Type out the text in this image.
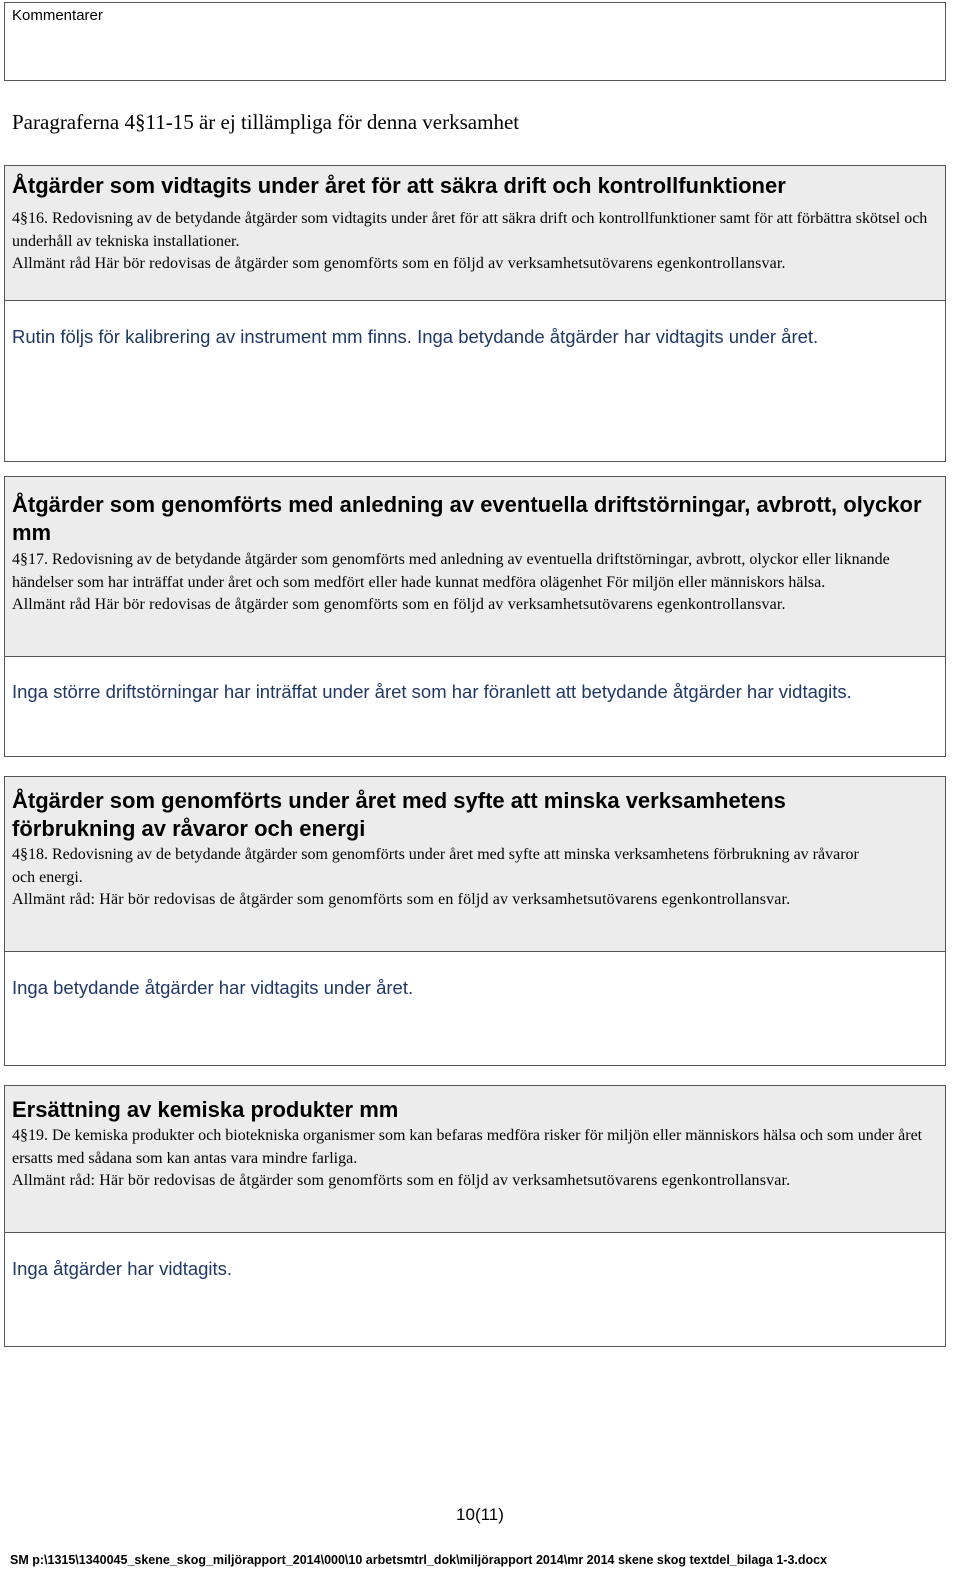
Kommentarer
Paragraferna 4§11-15 är ej tillämpliga för denna verksamhet
Åtgärder som vidtagits under året för att säkra drift och kontrollfunktioner
4§16. Redovisning av de betydande åtgärder som vidtagits under året för att säkra drift och kontrollfunktioner samt för att förbättra skötsel och underhåll av tekniska installationer.
Allmänt råd Här bör redovisas de åtgärder som genomförts som en följd av verksamhetsutövarens egenkontrollansvar.
Rutin följs för kalibrering av instrument mm finns. Inga betydande åtgärder har vidtagits under året.
Åtgärder som genomförts med anledning av eventuella driftstörningar, avbrott, olyckor mm
4§17. Redovisning av de betydande åtgärder som genomförts med anledning av eventuella driftstörningar, avbrott, olyckor eller liknande händelser som har inträffat under året och som medfört eller hade kunnat medföra olägenhet För miljön eller människors hälsa.
Allmänt råd Här bör redovisas de åtgärder som genomförts som en följd av verksamhetsutövarens egenkontrollansvar.
Inga större driftstörningar har inträffat under året som har föranlett att betydande åtgärder har vidtagits.
Åtgärder som genomförts under året med syfte att minska verksamhetens förbrukning av råvaror och energi
4§18. Redovisning av de betydande åtgärder som genomförts under året med syfte att minska verksamhetens förbrukning av råvaror och energi.
Allmänt råd: Här bör redovisas de åtgärder som genomförts som en följd av verksamhetsutövarens egenkontrollansvar.
Inga betydande åtgärder har vidtagits under året.
Ersättning av kemiska produkter mm
4§19. De kemiska produkter och biotekniska organismer som kan befaras medföra risker för miljön eller människors hälsa och som under året ersatts med sådana som kan antas vara mindre farliga.
Allmänt råd: Här bör redovisas de åtgärder som genomförts som en följd av verksamhetsutövarens egenkontrollansvar.
Inga åtgärder har vidtagits.
10(11)
SM p:\1315\1340045_skene_skog_miljörapport_2014\000\10 arbetsmtrl_dok\miljörapport 2014\mr 2014 skene skog textdel_bilaga 1-3.docx
